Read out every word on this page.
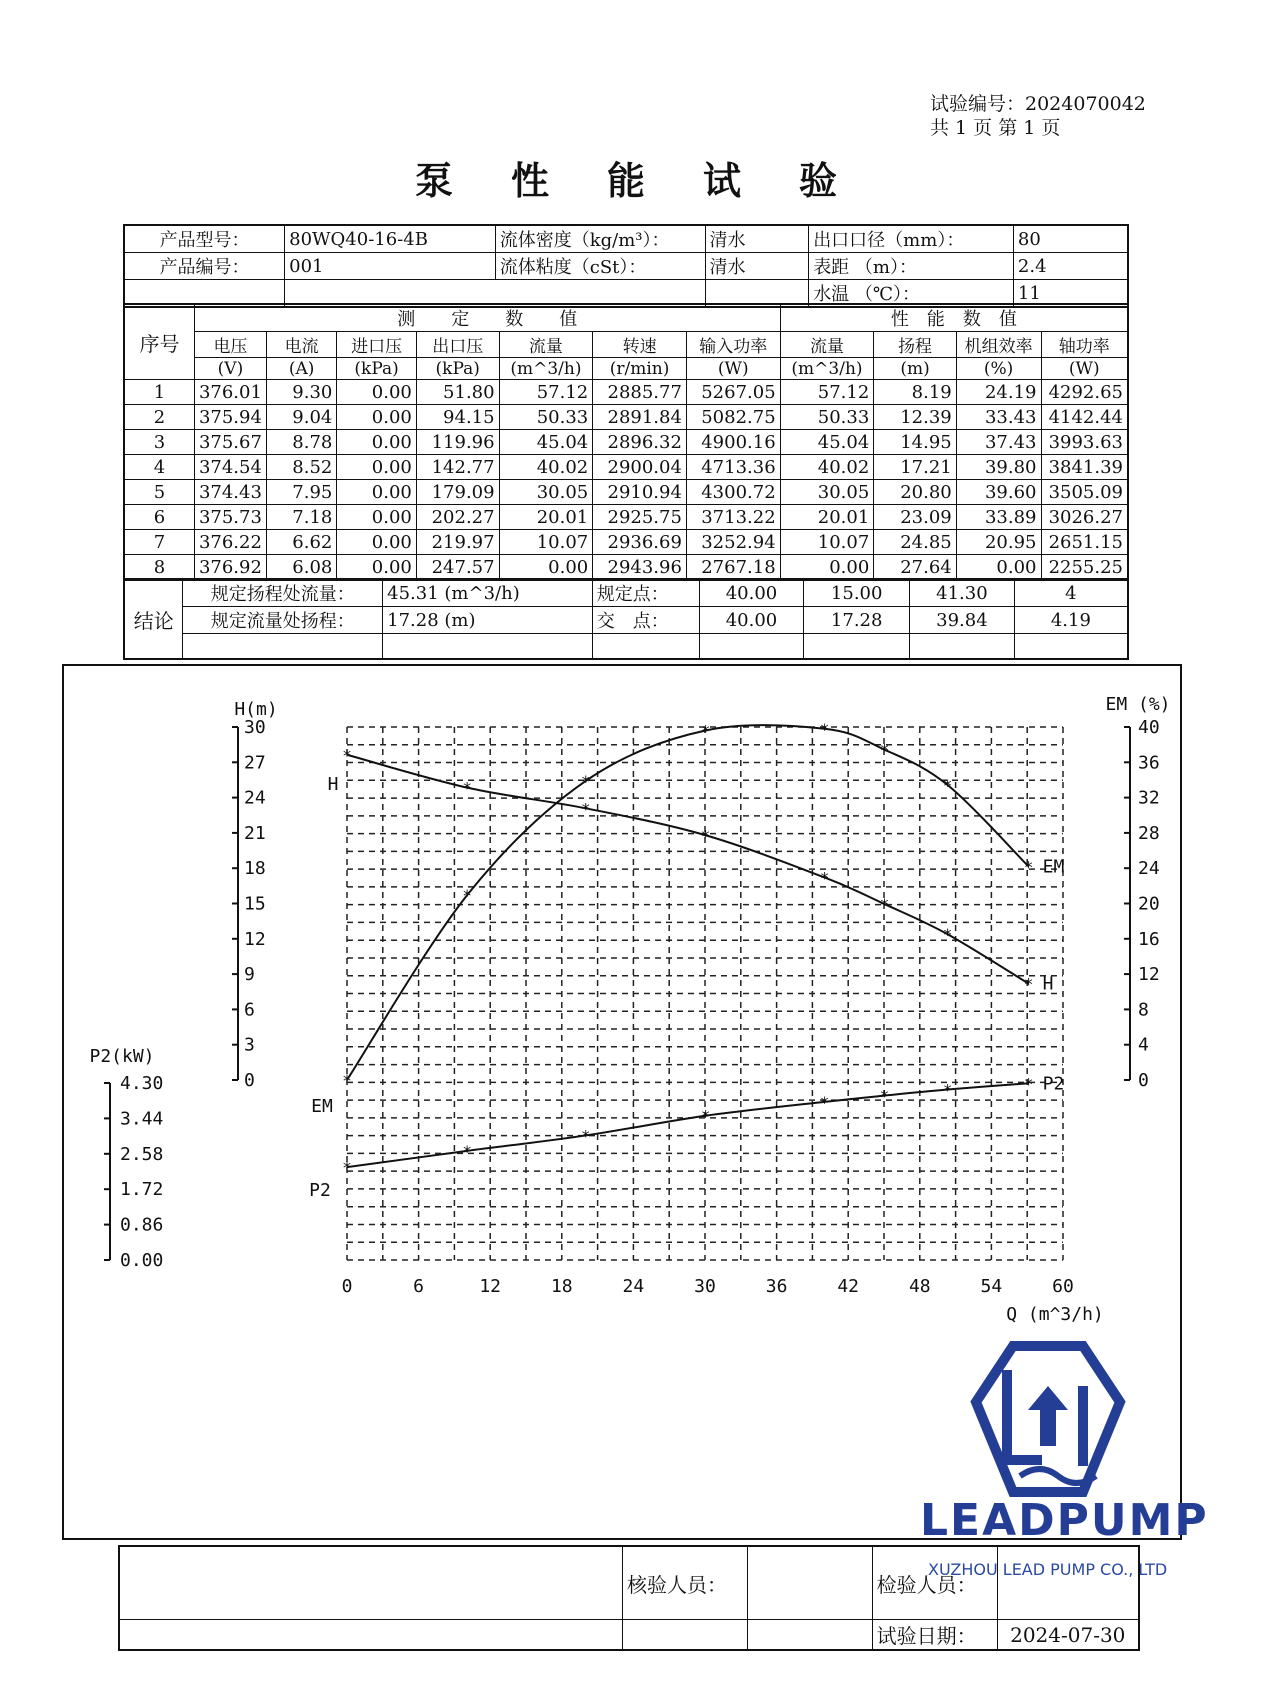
试验编号：2024070042
共 1 页 第 1 页
泵性能试验
产品型号：	80WQ40-16-4B	流体密度（kg/m³）：	清水	出口口径（mm）：	80
产品编号：	001	流体粘度（cSt）：	清水	表距 （m）：	2.4
				水温 （℃）：	11
序号	测　　定　　数　　值							性　能　数　值			
	电压	电流	进口压	出口压	流量	转速	输入功率	流量	扬程	机组效率	轴功率
	(V)	(A)	(kPa)	(kPa)	(m^3/h)	(r/min)	(W)	(m^3/h)	(m)	(%)	(W)
1	376.01	9.30	0.00	51.80	57.12	2885.77	5267.05	57.12	8.19	24.19	4292.65
2	375.94	9.04	0.00	94.15	50.33	2891.84	5082.75	50.33	12.39	33.43	4142.44
3	375.67	8.78	0.00	119.96	45.04	2896.32	4900.16	45.04	14.95	37.43	3993.63
4	374.54	8.52	0.00	142.77	40.02	2900.04	4713.36	40.02	17.21	39.80	3841.39
5	374.43	7.95	0.00	179.09	30.05	2910.94	4300.72	30.05	20.80	39.60	3505.09
6	375.73	7.18	0.00	202.27	20.01	2925.75	3713.22	20.01	23.09	33.89	3026.27
7	376.22	6.62	0.00	219.97	10.07	2936.69	3252.94	10.07	24.85	20.95	2651.15
8	376.92	6.08	0.00	247.57	0.00	2943.96	2767.18	0.00	27.64	0.00	2255.25
结论	规定扬程处流量：	45.31 (m^3/h)	规定点：	40.00	15.00	41.30	4
	规定流量处扬程：	17.28 (m)	交　点：	40.00	17.28	39.84	4.19

0
3
6
9
12
15
18
21
24
27
30
H(m)
0
4
8
12
16
20
24
28
32
36
40
EM (%)
0.00
0.86
1.72
2.58
3.44
4.30
P2(kW)
0	6	12	18	24	30	36	42	48	54	60
Q (m^3/h)
*
*
*
*
*
*
*
* H
*
*
*
*	*
*
*
* EM
*
*
*
*
*	*	*	* P2
H
EM
P2
LEADPUMP
XUZHOU LEAD PUMP CO., LTD
	核验人员：		检验人员：	
			试验日期：	2024-07-30
